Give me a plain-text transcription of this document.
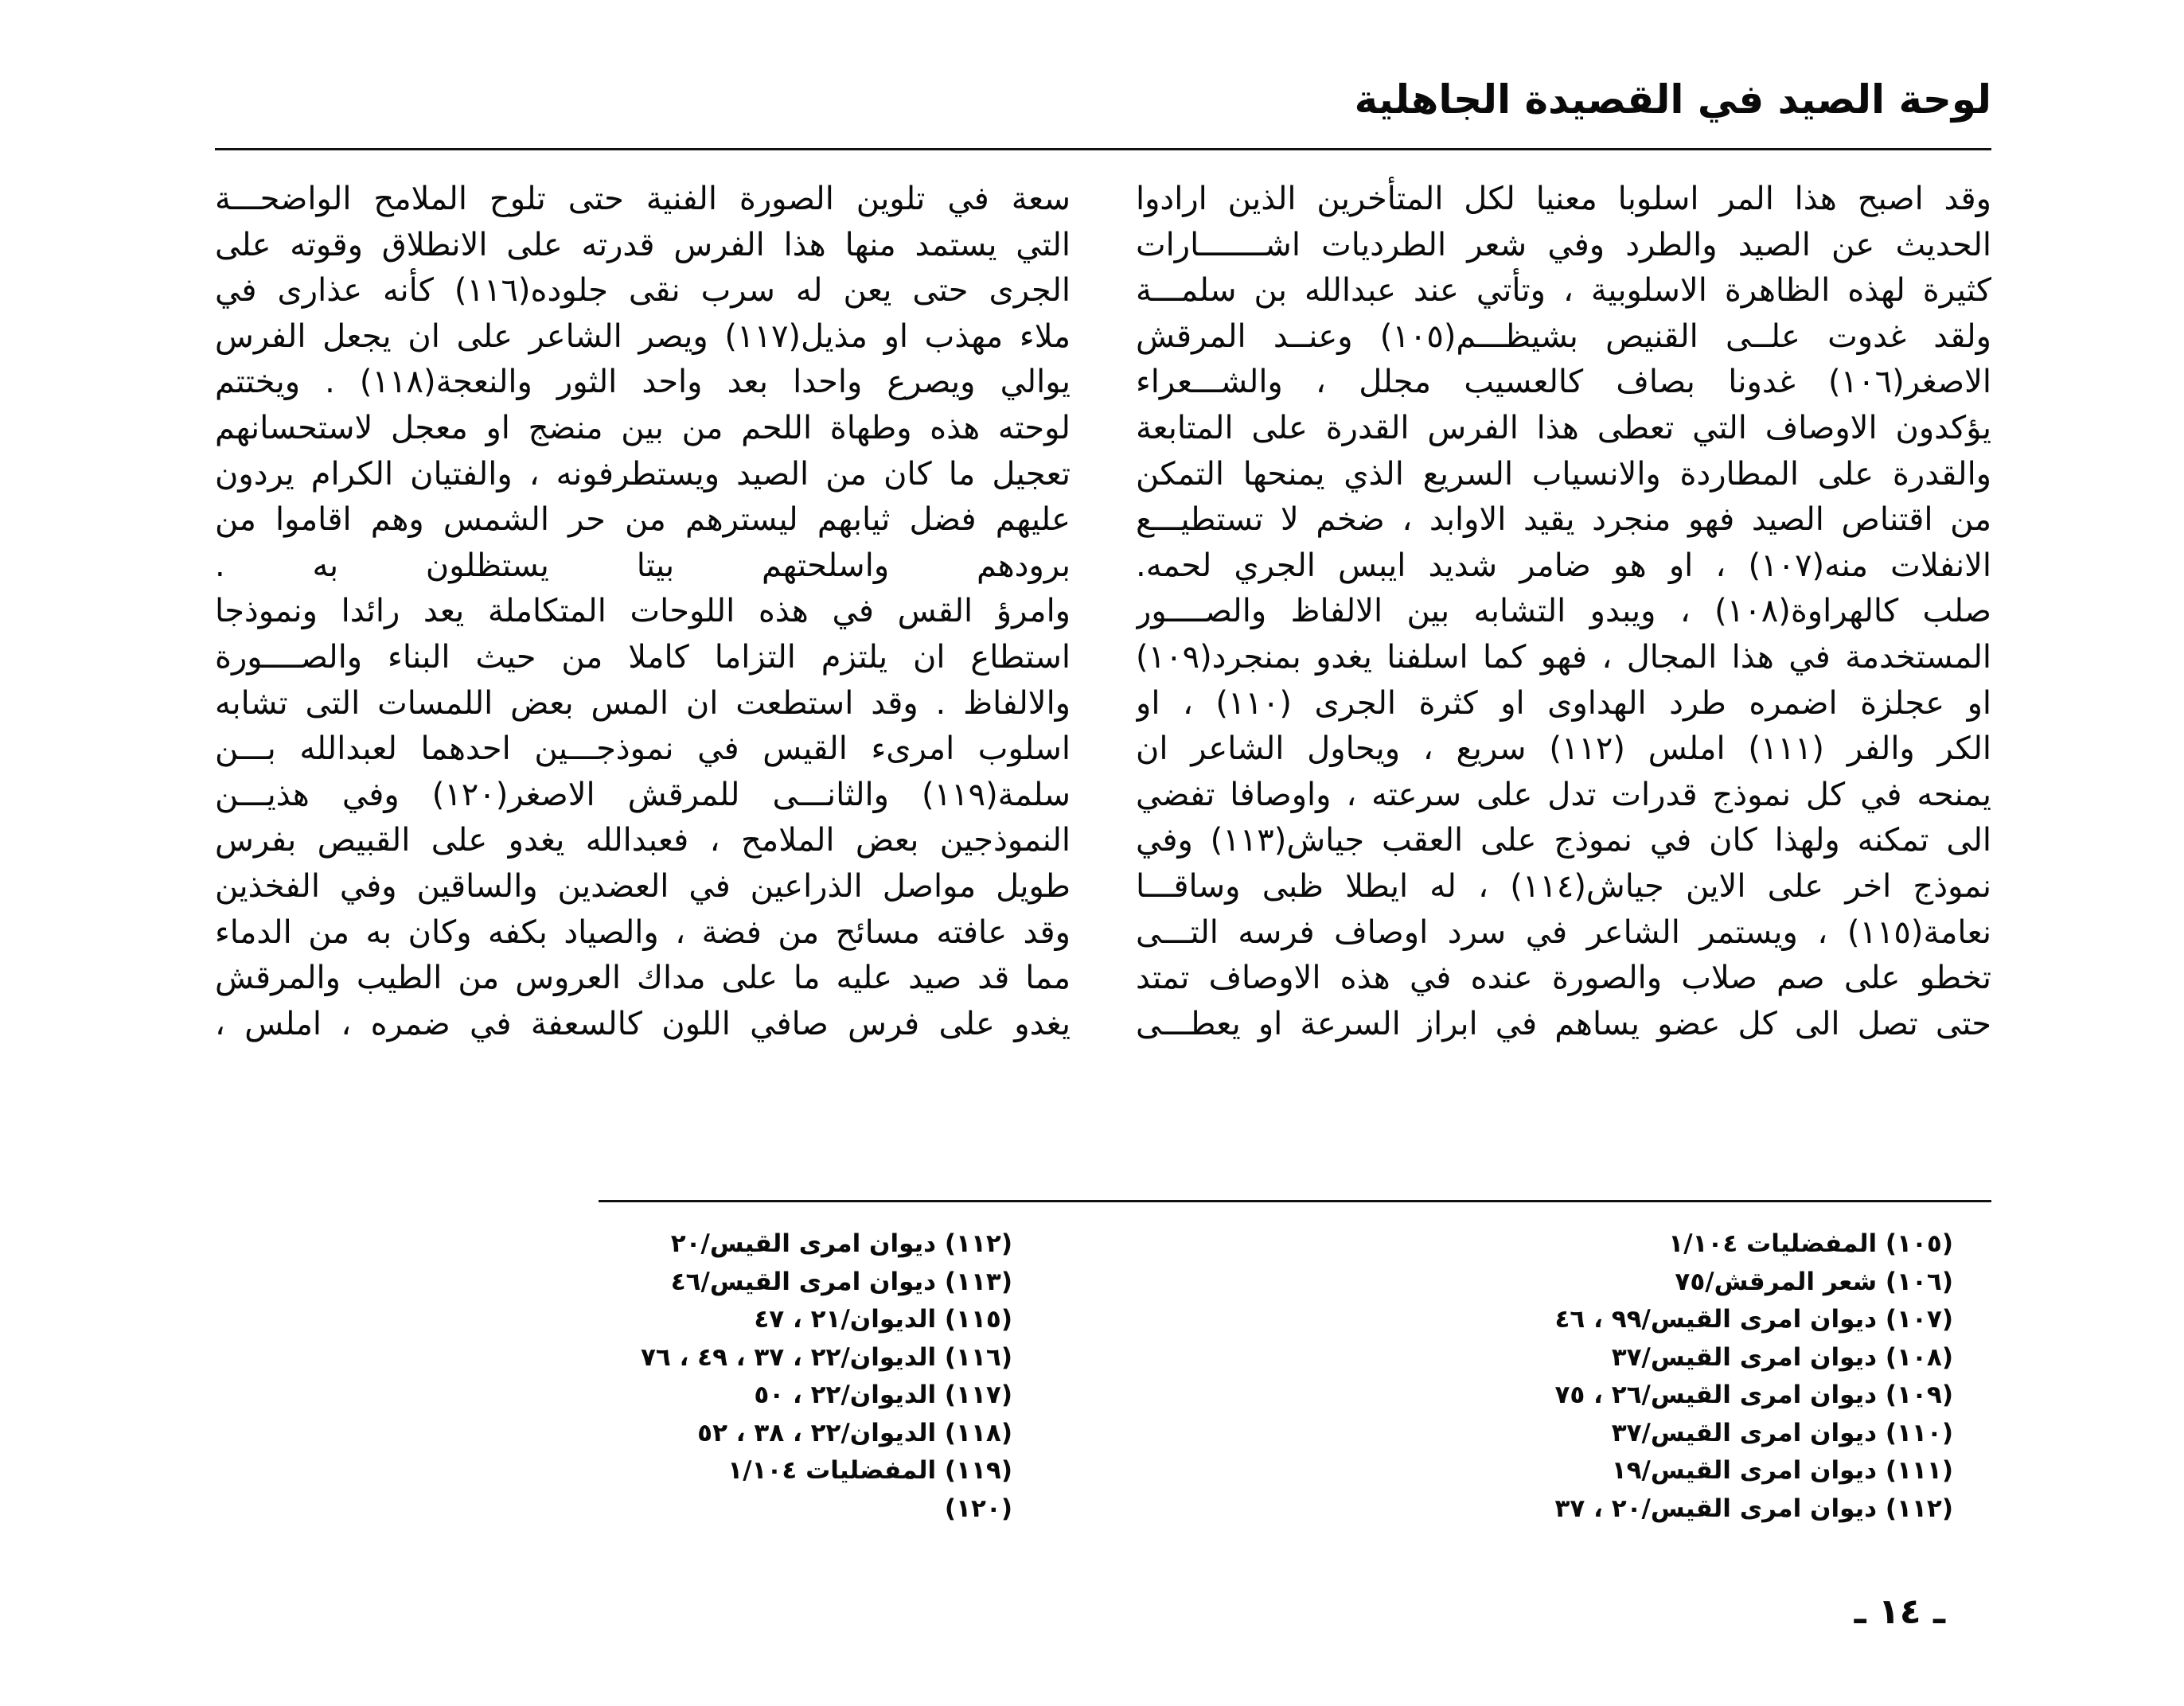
لوحة الصيد في القصيدة الجاهلية

وقد اصبح هذا المر اسلوبا معنيا لكل المتأخرين الذين ارادوا
الحديث عن الصيد والطرد وفي شعر الطرديات اشـــــــارات
كثيرة لهذه الظاهرة الاسلوبية ، وتأتي عند عبدالله بن سلمـــة
ولقد غدوت علــى القنيص بشيظـــم(١٠٥) وعنــد المرقش
الاصغر(١٠٦) غدونا بصاف كالعسيب مجلل ، والشـــعراء
يؤكدون الاوصاف التي تعطى هذا الفرس القدرة على المتابعة
والقدرة على المطاردة والانسياب السريع الذي يمنحها التمكن
من اقتناص الصيد فهو منجرد يقيد الاوابد ، ضخم لا تستطيـــع
الانفلات منه(١٠٧) ، او هو ضامر شديد ايبس الجري لحمه.
صلب كالهراوة(١٠٨) ، ويبدو التشابه بين الالفاظ والصــــور
المستخدمة في هذا المجال ، فهو كما اسلفنا يغدو بمنجرد(١٠٩)
او عجلزة اضمره طرد الهداوى او كثرة الجرى (١١٠) ، او
الكر والفر (١١١) املس (١١٢) سريع ، ويحاول الشاعر ان
يمنحه في كل نموذج قدرات تدل على سرعته ، واوصافا تفضي
الى تمكنه ولهذا كان في نموذج على العقب جياش(١١٣) وفي
نموذج اخر على الاين جياش(١١٤) ، له ايطلا ظبى وساقـــا
نعامة(١١٥) ، ويستمر الشاعر في سرد اوصاف فرسه التـــى
تخطو على صم صلاب والصورة عنده في هذه الاوصاف تمتد
حتى تصل الى كل عضو يساهم في ابراز السرعة او يعطـــى

سعة في تلوين الصورة الفنية حتى تلوح الملامح الواضحـــة
التي يستمد منها هذا الفرس قدرته على الانطلاق وقوته على
الجرى حتى يعن له سرب نقى جلوده(١١٦) كأنه عذارى في
ملاء مهذب او مذيل(١١٧) ويصر الشاعر على ان يجعل الفرس
يوالي ويصرع واحدا بعد واحد الثور والنعجة(١١٨) . ويختتم
لوحته هذه وطهاة اللحم من بين منضج او معجل لاستحسانهم
تعجيل ما كان من الصيد ويستطرفونه ، والفتيان الكرام يردون
عليهم فضل ثيابهم ليسترهم من حر الشمس وهم اقاموا من
برودهم واسلحتهم بيتا يستظلون به .
وامرؤ القس في هذه اللوحات المتكاملة يعد رائدا ونموذجا
استطاع ان يلتزم التزاما كاملا من حيث البناء والصــــورة
والالفاظ . وقد استطعت ان المس بعض اللمسات التى تشابه
اسلوب امرىء القيس في نموذجـــين احدهما لعبدالله بـــن
سلمة(١١٩) والثانـــى للمرقش الاصغر(١٢٠) وفي هذيـــن
النموذجين بعض الملامح ، فعبدالله يغدو على القبيص بفرس
طويل مواصل الذراعين في العضدين والساقين وفي الفخذين
وقد عافته مسائح من فضة ، والصياد بكفه وكان به من الدماء
مما قد صيد عليه ما على مداك العروس من الطيب والمرقش
يغدو على فرس صافي اللون كالسعفة في ضمره ، املس ،

(١٠٥) المفضليات ١/١٠٤
(١٠٦) شعر المرقش/٧٥
(١٠٧) ديوان امرى القيس/٩٩ ، ٤٦
(١٠٨) ديوان امرى القيس/٣٧
(١٠٩) ديوان امرى القيس/٢٦ ، ٧٥
(١١٠) ديوان امرى القيس/٣٧
(١١١) ديوان امرى القيس/١٩
(١١٢) ديوان امرى القيس/٢٠ ، ٣٧
(١١٢) ديوان امرى القيس/٢٠
(١١٣) ديوان امرى القيس/٤٦
(١١٥) الديوان/٢١ ، ٤٧
(١١٦) الديوان/٢٢ ، ٣٧ ، ٤٩ ، ٧٦
(١١٧) الديوان/٢٢ ، ٥٠
(١١٨) الديوان/٢٢ ، ٣٨ ، ٥٢
(١١٩) المفضليات ١/١٠٤
(١٢٠)
ـ ١٤ ـ
